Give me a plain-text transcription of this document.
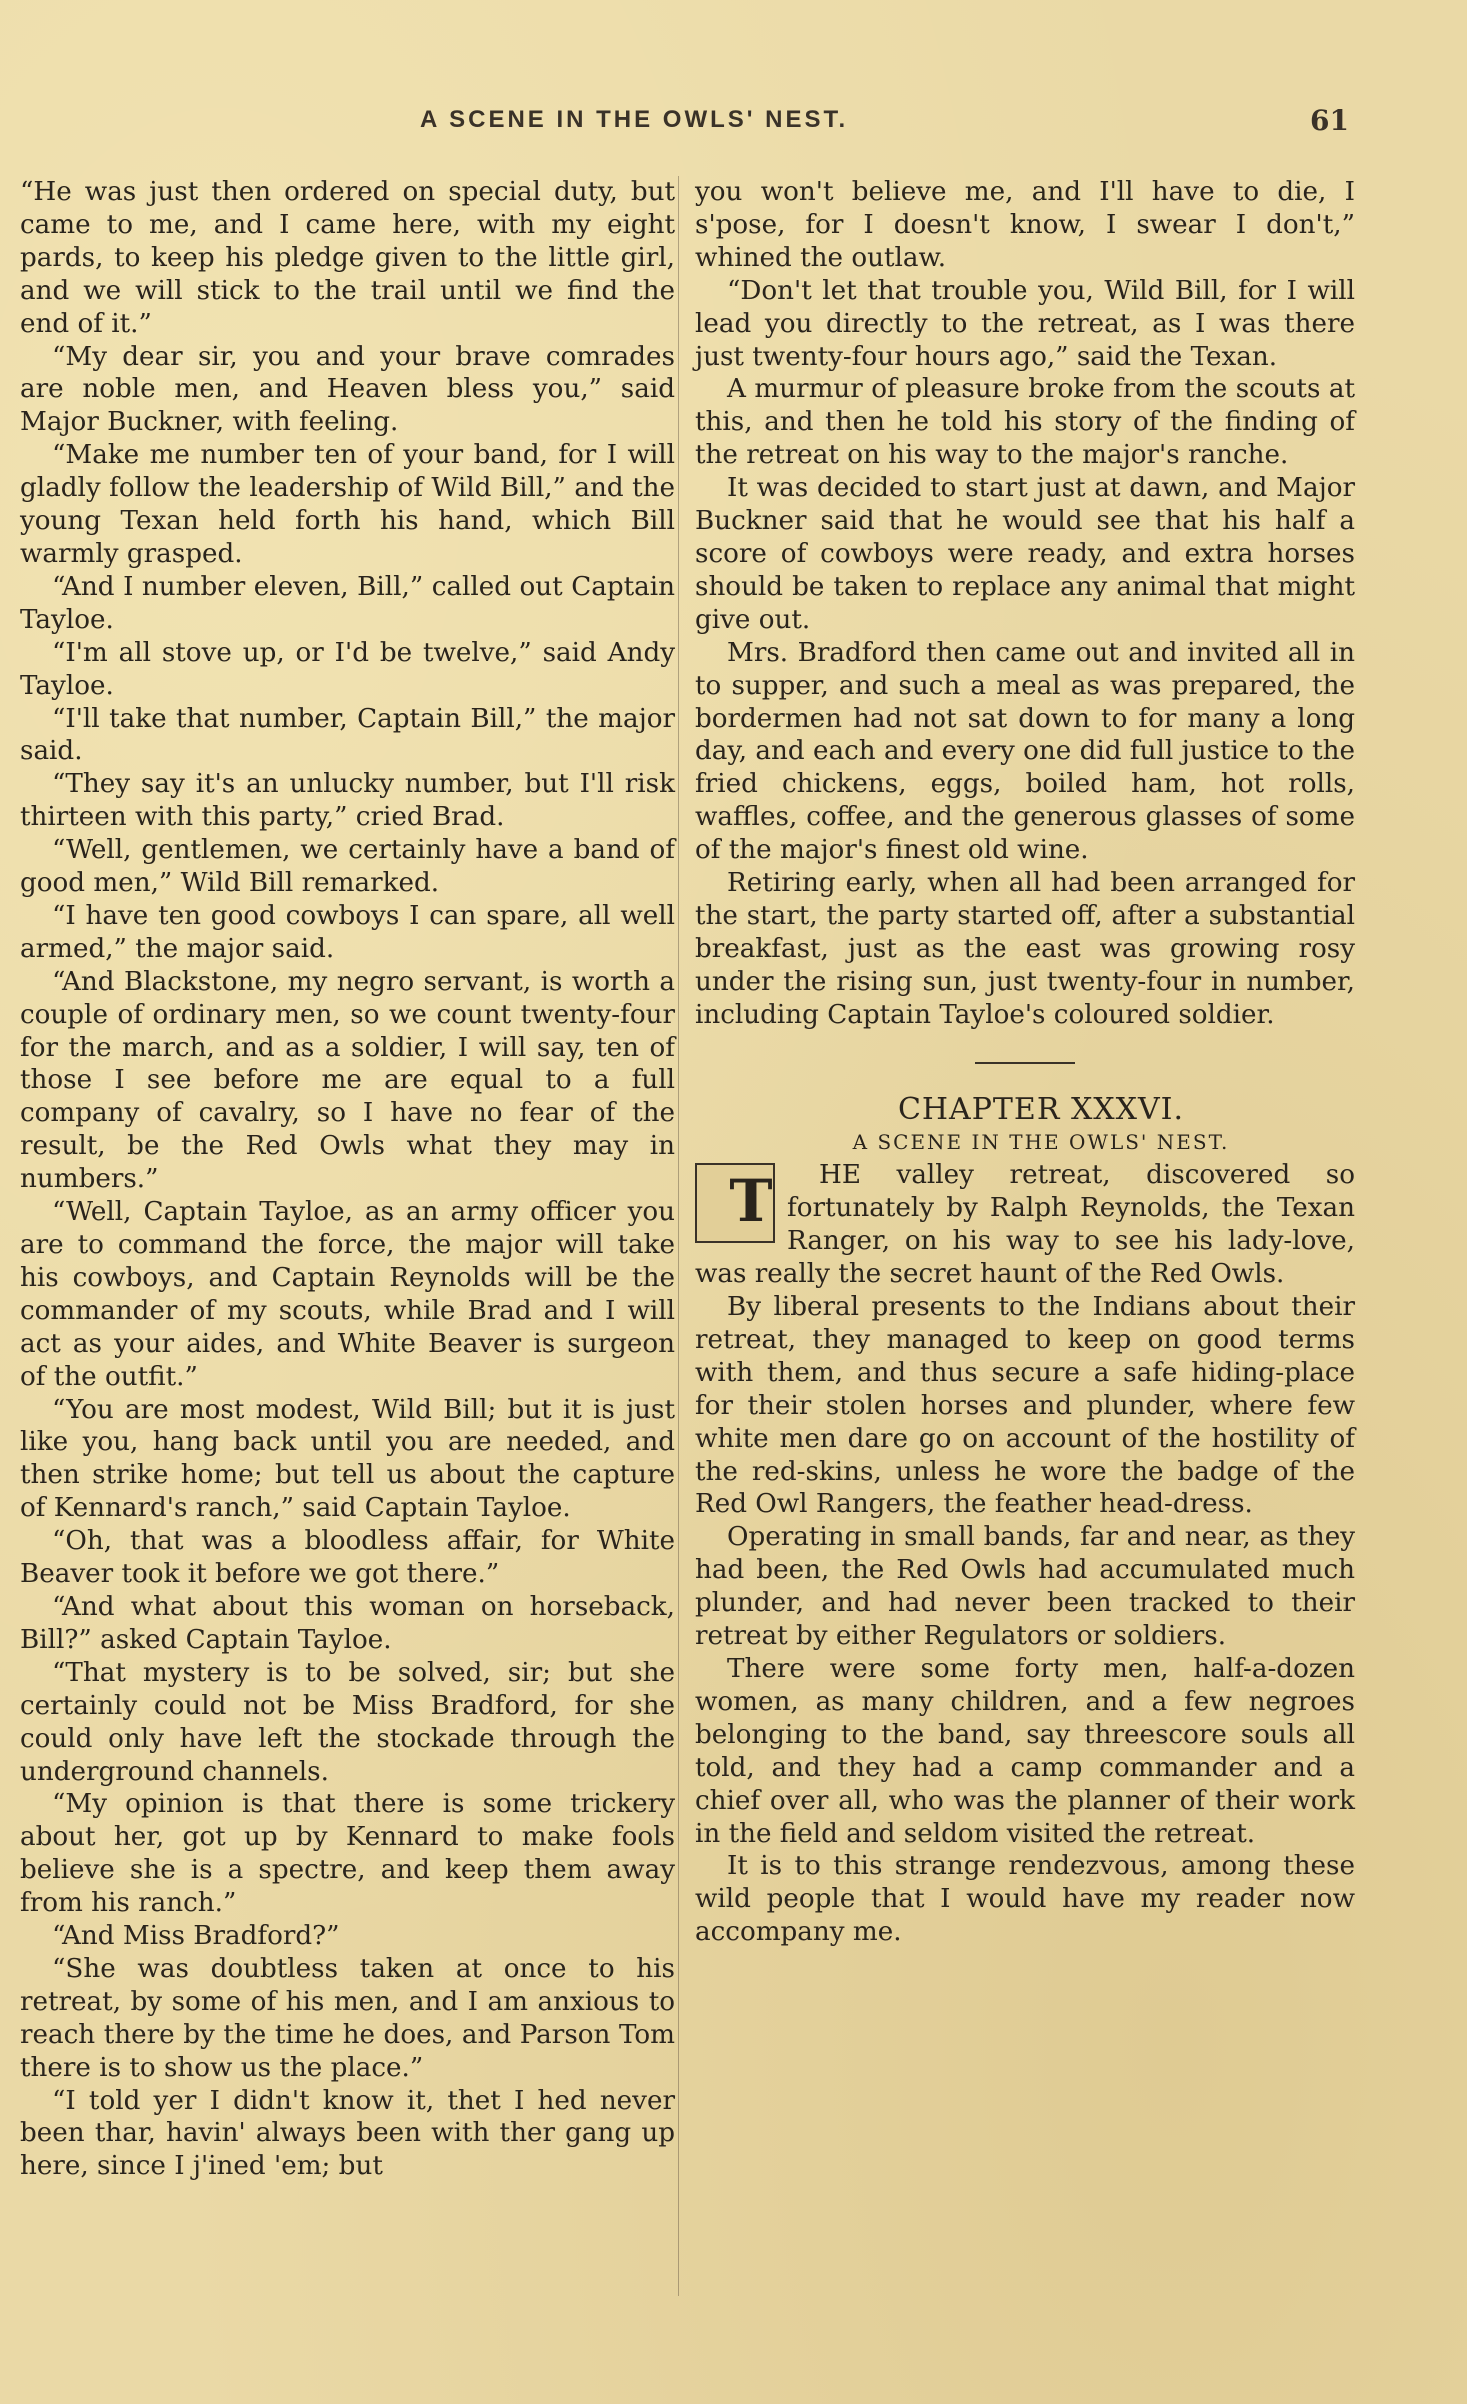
A SCENE IN THE OWLS' NEST.	61

“He was just then ordered on special duty, but came to me, and I came here, with my eight pards, to keep his pledge given to the little girl, and we will stick to the trail until we find the end of it.”

“My dear sir, you and your brave comrades are noble men, and Heaven bless you,” said Major Buckner, with feeling.

“Make me number ten of your band, for I will gladly follow the leadership of Wild Bill,” and the young Texan held forth his hand, which Bill warmly grasped.

“And I number eleven, Bill,” called out Captain Tayloe.

“I'm all stove up, or I'd be twelve,” said Andy Tayloe.

“I'll take that number, Captain Bill,” the major said.

“They say it's an unlucky number, but I'll risk thirteen with this party,” cried Brad.

“Well, gentlemen, we certainly have a band of good men,” Wild Bill remarked.

“I have ten good cowboys I can spare, all well armed,” the major said.

“And Blackstone, my negro servant, is worth a couple of ordinary men, so we count twenty-four for the march, and as a soldier, I will say, ten of those I see before me are equal to a full company of cavalry, so I have no fear of the result, be the Red Owls what they may in numbers.”

“Well, Captain Tayloe, as an army officer you are to command the force, the major will take his cowboys, and Captain Reynolds will be the commander of my scouts, while Brad and I will act as your aides, and White Beaver is surgeon of the outfit.”

“You are most modest, Wild Bill; but it is just like you, hang back until you are needed, and then strike home; but tell us about the capture of Kennard's ranch,” said Captain Tayloe.

“Oh, that was a bloodless affair, for White Beaver took it before we got there.”

“And what about this woman on horseback, Bill?” asked Captain Tayloe.

“That mystery is to be solved, sir; but she certainly could not be Miss Bradford, for she could only have left the stockade through the underground channels.

“My opinion is that there is some trickery about her, got up by Kennard to make fools believe she is a spectre, and keep them away from his ranch.”

“And Miss Bradford?”

“She was doubtless taken at once to his retreat, by some of his men, and I am anxious to reach there by the time he does, and Parson Tom there is to show us the place.”

“I told yer I didn't know it, thet I hed never been thar, havin' always been with ther gang up here, since I j'ined 'em; but

you won't believe me, and I'll have to die, I s'pose, for I doesn't know, I swear I don't,” whined the outlaw.

“Don't let that trouble you, Wild Bill, for I will lead you directly to the retreat, as I was there just twenty-four hours ago,” said the Texan.

A murmur of pleasure broke from the scouts at this, and then he told his story of the finding of the retreat on his way to the major's ranche.

It was decided to start just at dawn, and Major Buckner said that he would see that his half a score of cowboys were ready, and extra horses should be taken to replace any animal that might give out.

Mrs. Bradford then came out and invited all in to supper, and such a meal as was prepared, the bordermen had not sat down to for many a long day, and each and every one did full justice to the fried chickens, eggs, boiled ham, hot rolls, waffles, coffee, and the generous glasses of some of the major's finest old wine.

Retiring early, when all had been arranged for the start, the party started off, after a substantial breakfast, just as the east was growing rosy under the rising sun, just twenty-four in number, including Captain Tayloe's coloured soldier.

CHAPTER XXXVI.

A SCENE IN THE OWLS' NEST.

T HE valley retreat, discovered so fortunately by Ralph Reynolds, the Texan Ranger, on his way to see his lady-love, was really the secret haunt of the Red Owls.

By liberal presents to the Indians about their retreat, they managed to keep on good terms with them, and thus secure a safe hiding-place for their stolen horses and plunder, where few white men dare go on account of the hostility of the red-skins, unless he wore the badge of the Red Owl Rangers, the feather head-dress.

Operating in small bands, far and near, as they had been, the Red Owls had accumulated much plunder, and had never been tracked to their retreat by either Regulators or soldiers.

There were some forty men, half-a-dozen women, as many children, and a few negroes belonging to the band, say threescore souls all told, and they had a camp commander and a chief over all, who was the planner of their work in the field and seldom visited the retreat.

It is to this strange rendezvous, among these wild people that I would have my reader now accompany me.
